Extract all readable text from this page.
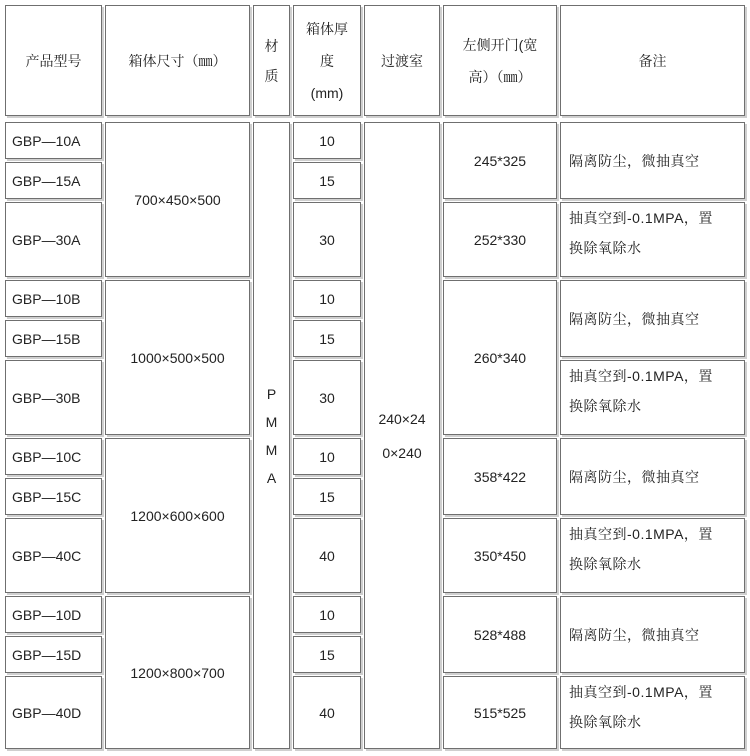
产品型号	箱体尺寸（㎜）
材
质
箱体厚
度
(mm)
过渡室
左侧开门(宽
高）（㎜）
备注
P
M
M
A
240×24
0×240
GBP—10A
GBP—15A
GBP—30A
700×450×500
10
15
30
245*325
252*330
隔离防尘，微抽真空
抽真空到-0.1MPA，置
换除氧除水
GBP—10B
GBP—15B
GBP—30B
1000×500×500
10
15
30
260*340
隔离防尘，微抽真空
抽真空到-0.1MPA，置
换除氧除水
GBP—10C
GBP—15C
GBP—40C
1200×600×600
10
15
40
358*422
350*450
隔离防尘，微抽真空
抽真空到-0.1MPA，置
换除氧除水
GBP—10D
GBP—15D
GBP—40D
1200×800×700
10
15
40
528*488
515*525
隔离防尘，微抽真空
抽真空到-0.1MPA，置
换除氧除水
